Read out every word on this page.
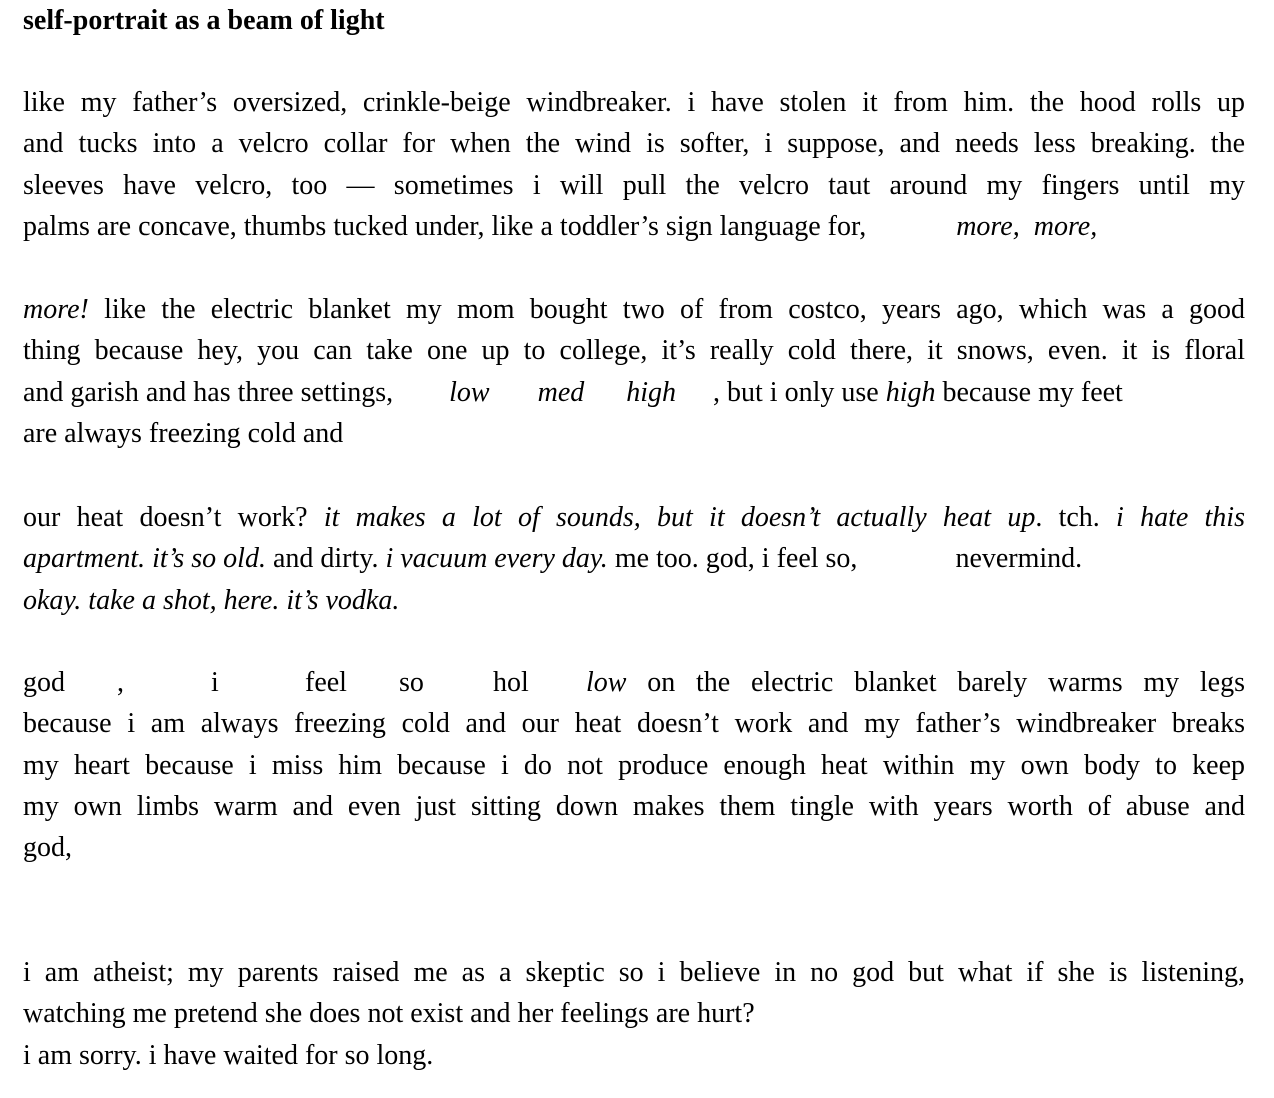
self-portrait as a beam of light
like my father’s oversized, crinkle-beige windbreaker. i have stolen it from him. the hood rolls up
and tucks into a velcro collar for when the wind is softer, i suppose, and needs less breaking. the
sleeves have velcro, too — sometimes i will pull the velcro taut around my fingers until my
palms are concave, thumbs tucked under, like a toddler’s sign language for,	more, more,
more! like the electric blanket my mom bought two of from costco, years ago, which was a good
thing because hey, you can take one up to college, it’s really cold there, it snows, even. it is floral
and garish and has three settings, low med high , but i only use high because my feet
are always freezing cold and
our heat doesn’t work? it makes a lot of sounds, but it doesn’t actually heat up. tch. i hate this
apartment. it’s so old. and dirty. i vacuum every day. me too. god, i feel so,	nevermind.
okay. take a shot, here. it’s vodka.
god ,	i	feel so hol low on the electric blanket barely warms my legs
because i am always freezing cold and our heat doesn’t work and my father’s windbreaker breaks
my heart because i miss him because i do not produce enough heat within my own body to keep
my own limbs warm and even just sitting down makes them tingle with years worth of abuse and
god,
i am atheist; my parents raised me as a skeptic so i believe in no god but what if she is listening,
watching me pretend she does not exist and her feelings are hurt?
i am sorry. i have waited for so long.
